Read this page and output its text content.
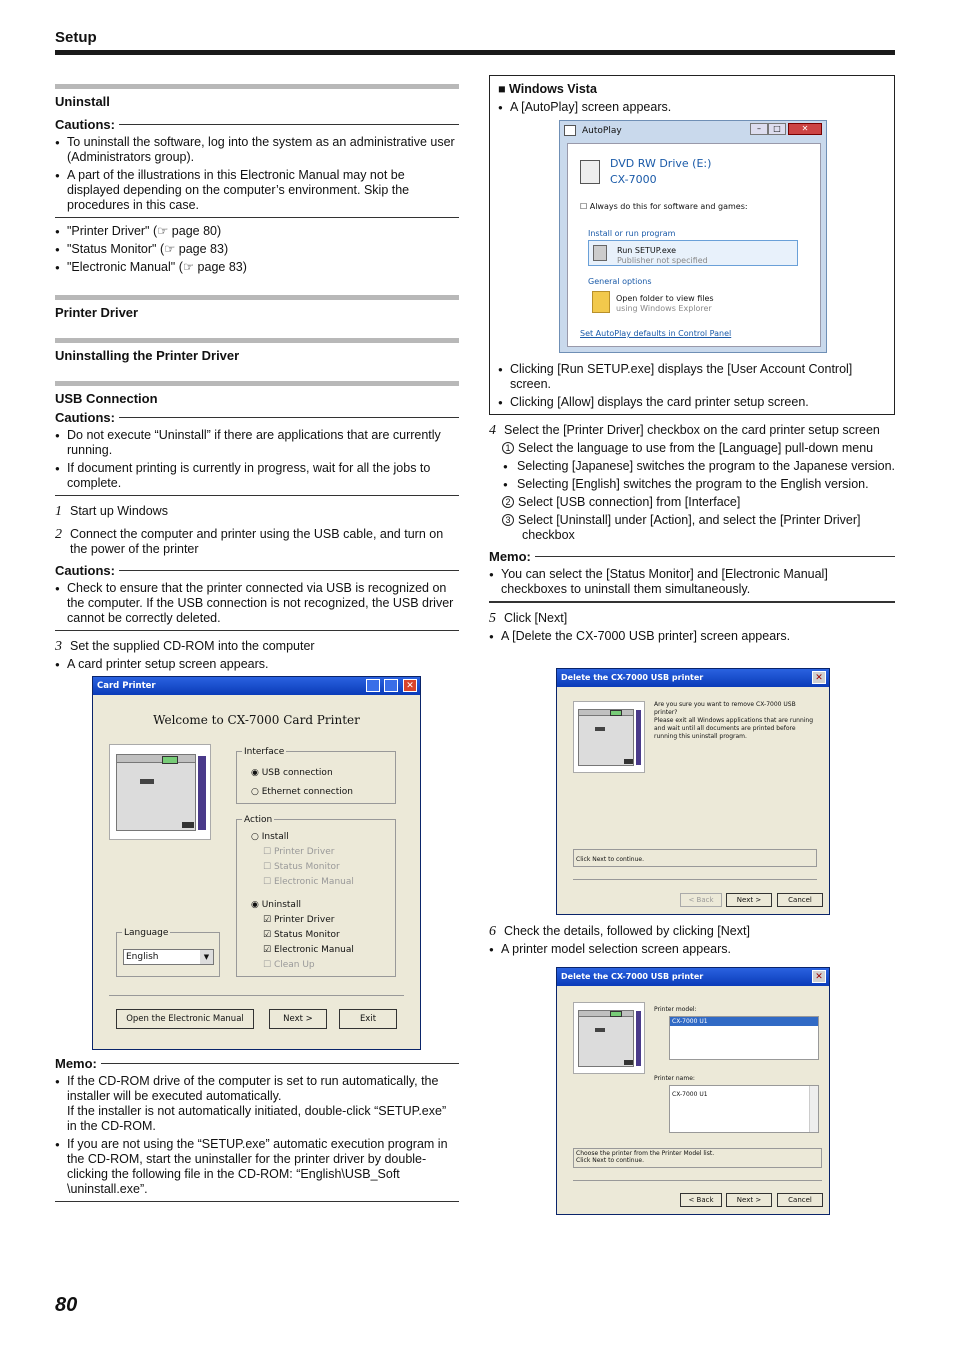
Setup
Uninstall
Cautions:
● To uninstall the software, log into the system as an administrative user (Administrators group).
● A part of the illustrations in this Electronic Manual may not be displayed depending on the computer’s environment. Skip the procedures in this case.
● "Printer Driver" (☞ page 80)
● "Status Monitor" (☞ page 83)
● "Electronic Manual" (☞ page 83)
Printer Driver
Uninstalling the Printer Driver
USB Connection
Cautions:
● Do not execute “Uninstall” if there are applications that are currently running.
● If document printing is currently in progress, wait for all the jobs to complete.
1 Start up Windows
2 Connect the computer and printer using the USB cable, and turn on the power of the printer
Cautions:
● Check to ensure that the printer connected via USB is recognized on the computer. If the USB connection is not recognized, the USB driver cannot be correctly deleted.
3 Set the supplied CD-ROM into the computer
● A card printer setup screen appears.
Card Printer	✕
Welcome to CX-7000 Card Printer
Interface
◉ USB connection
○ Ethernet connection
Action
○ Install
☐ Printer Driver
☐ Status Monitor
☐ Electronic Manual
◉ Uninstall
☑ Printer Driver
☑ Status Monitor
☑ Electronic Manual
☐ Clean Up
Language
English	▼
Open the Electronic Manual	Next >	Exit
Memo:
● If the CD-ROM drive of the computer is set to run automatically, the installer will be executed automatically.
If the installer is not automatically initiated, double-click “SETUP.exe” in the CD-ROM.
● If you are not using the “SETUP.exe” automatic execution program in the CD-ROM, start the uninstaller for the printer driver by double-clicking the following file in the CD-ROM: “English\USB_Soft \uninstall.exe”.
■ Windows Vista
● A [AutoPlay] screen appears.
● Clicking [Run SETUP.exe] displays the [User Account Control] screen.
● Clicking [Allow] displays the card printer setup screen.
4 Select the [Printer Driver] checkbox on the card printer setup screen
1 Select the language to use from the [Language] pull-down menu
● Selecting [Japanese] switches the program to the Japanese version.
● Selecting [English] switches the program to the English version.
2 Select [USB connection] from [Interface]
3 Select [Uninstall] under [Action], and select the [Printer Driver] checkbox
Memo:
● You can select the [Status Monitor] and [Electronic Manual] checkboxes to uninstall them simultaneously.
5 Click [Next]
● A [Delete the CX-7000 USB printer] screen appears.
AutoPlay	–	□	✕
DVD RW Drive (E:)
CX-7000
☐ Always do this for software and games:
Install or run program
Run SETUP.exe
Publisher not specified
General options
Open folder to view files
using Windows Explorer
Set AutoPlay defaults in Control Panel
Delete the CX-7000 USB printer	✕
Are you sure you want to remove CX-7000 USB printer?
Please exit all Windows applications that are running and wait until all documents are printed before running this uninstall program.
Click Next to continue.
< Back	Next >	Cancel
6 Check the details, followed by clicking [Next]
● A printer model selection screen appears.
Delete the CX-7000 USB printer	✕
Printer model:
CX-7000 U1
Printer name:
CX-7000 U1
Choose the printer from the Printer Model list.
Click Next to continue.
< Back	Next >	Cancel
80
